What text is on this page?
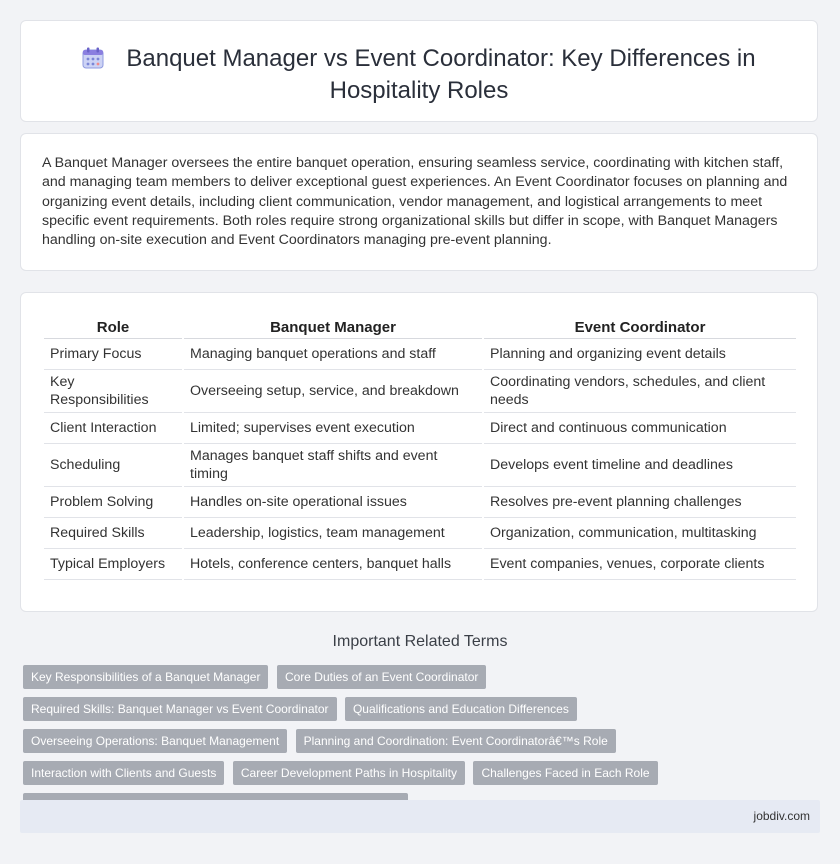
Banquet Manager vs Event Coordinator: Key Differences in Hospitality Roles
A Banquet Manager oversees the entire banquet operation, ensuring seamless service, coordinating with kitchen staff, and managing team members to deliver exceptional guest experiences. An Event Coordinator focuses on planning and organizing event details, including client communication, vendor management, and logistical arrangements to meet specific event requirements. Both roles require strong organizational skills but differ in scope, with Banquet Managers handling on-site execution and Event Coordinators managing pre-event planning.
Role	Banquet Manager	Event Coordinator
Primary Focus	Managing banquet operations and staff	Planning and organizing event details
Key Responsibilities	Overseeing setup, service, and breakdown	Coordinating vendors, schedules, and client needs
Client Interaction	Limited; supervises event execution	Direct and continuous communication
Scheduling	Manages banquet staff shifts and event timing	Develops event timeline and deadlines
Problem Solving	Handles on-site operational issues	Resolves pre-event planning challenges
Required Skills	Leadership, logistics, team management	Organization, communication, multitasking
Typical Employers	Hotels, conference centers, banquet halls	Event companies, venues, corporate clients
Important Related Terms
Key Responsibilities of a Banquet Manager Core Duties of an Event Coordinator Required Skills: Banquet Manager vs Event Coordinator Qualifications and Education Differences Overseeing Operations: Banquet Management Planning and Coordination: Event Coordinatorâ€™s Role Interaction with Clients and Guests Career Development Paths in Hospitality Challenges Faced in Each Role
jobdiv.com
